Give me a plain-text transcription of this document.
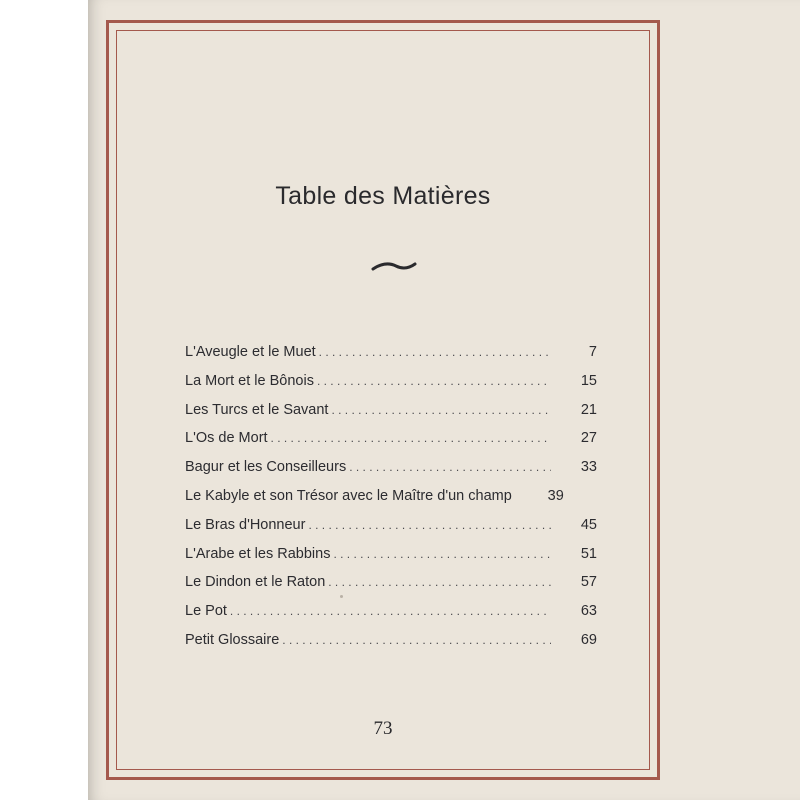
Table des Matières
L'Aveugle et le Muet . . .	7
La Mort et le Bônois . . .	15
Les Turcs et le Savant . . .	21
L'Os de Mort . . .	27
Bagur et les Conseilleurs . . .	33
Le Kabyle et son Trésor avec le Maître d'un champ	39
Le Bras d'Honneur . . .	45
L'Arabe et les Rabbins . . .	51
Le Dindon et le Raton . . .	57
Le Pot . . .	63
Petit Glossaire . . .	69
73
